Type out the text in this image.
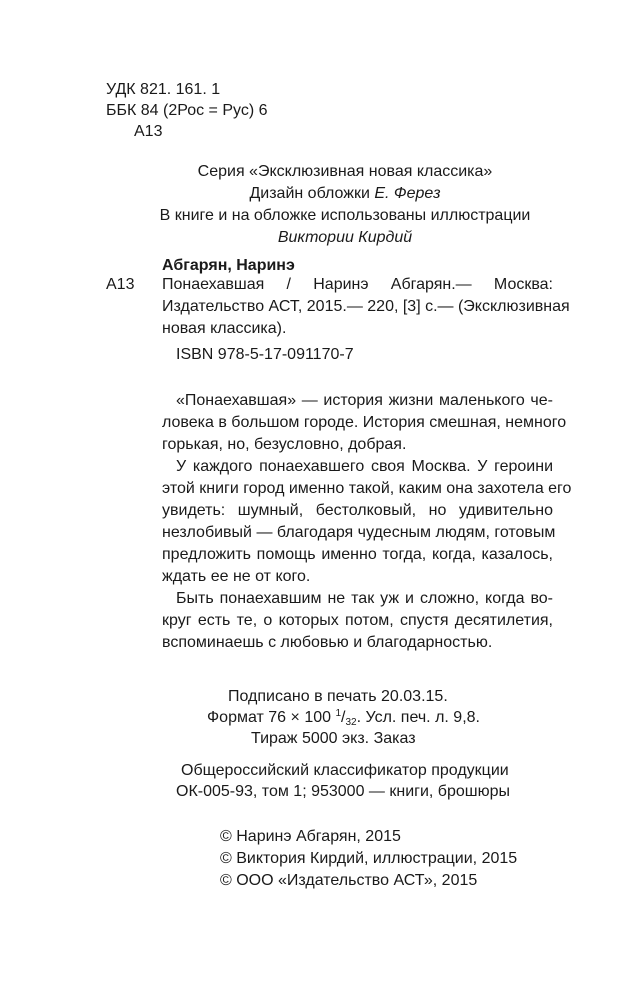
УДК 821. 161. 1
ББК 84 (2Рос = Рус) 6
А13
Серия «Эксклюзивная новая классика»
Дизайн обложки Е. Ферез
В книге и на обложке использованы иллюстрации
Виктории Кирдий
Абгарян, Наринэ
А13 Понаехавшая / Наринэ Абгарян.— Москва:
Издательство АСТ, 2015.— 220, [3] с.— (Эксклюзивная
новая классика).
ISBN 978-5-17-091170-7
«Понаехавшая» — история жизни маленького че-
ловека в большом городе. История смешная, немного
горькая, но, безусловно, добрая.
У каждого понаехавшего своя Москва. У героини
этой книги город именно такой, каким она захотела его
увидеть: шумный, бестолковый, но удивительно
незлобивый — благодаря чудесным людям, готовым
предложить помощь именно тогда, когда, казалось,
ждать ее не от кого.
Быть понаехавшим не так уж и сложно, когда во-
круг есть те, о которых потом, спустя десятилетия,
вспоминаешь с любовью и благодарностью.
Подписано в печать 20.03.15.
Формат 76 × 100 $^1/_{32}$. Усл. печ. л. 9,8.
Тираж 5000 экз. Заказ
Общероссийский классификатор продукции
ОК-005-93, том 1; 953000 — книги, брошюры
© Наринэ Абгарян, 2015
© Виктория Кирдий, иллюстрации, 2015
© ООО «Издательство АСТ», 2015
